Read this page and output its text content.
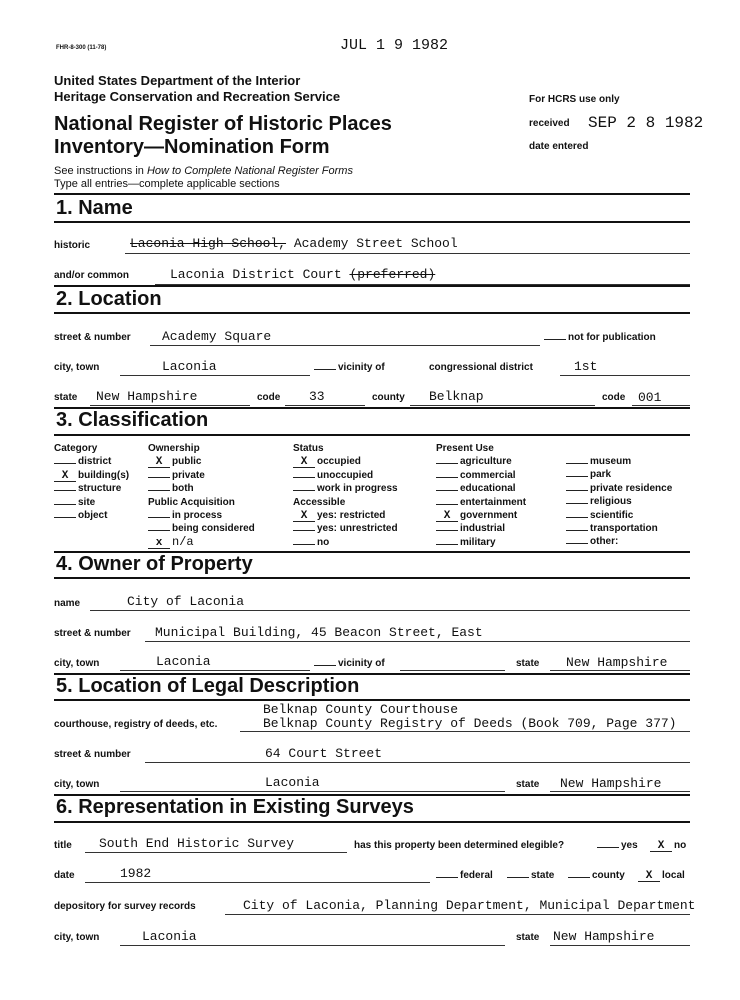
FHR-8-300 (11-78)	JUL 1 9 1982
United States Department of the Interior
Heritage Conservation and Recreation Service
National Register of Historic Places
Inventory—Nomination Form
See instructions in How to Complete National Register Forms
Type all entries—complete applicable sections
For HCRS use only
received SEP 2 8 1982
date entered
1. Name
historic	Laconia High School, Academy Street School
and/or common	Laconia District Court (preferred)
2. Location
street & number Academy Square	not for publication
city, town	Laconia	vicinity of	congressional district	1st
state New Hampshire	code 33	county Belknap	code 001
3. Classification
Category
district
X building(s)
structure
site
object
Ownership
X public
private
both
Public Acquisition
in process
being considered
x n/a
Status
X occupied
unoccupied
work in progress
Accessible
X yes: restricted
yes: unrestricted
no
Present Use
agriculture
commercial
educational
entertainment
X government
industrial
military
museum
park
private residence
religious
scientific
transportation
other:
4. Owner of Property
name	City of Laconia
street & number Municipal Building, 45 Beacon Street, East
city, town	Laconia	vicinity of	state New Hampshire
5. Location of Legal Description
Belknap County Courthouse
courthouse, registry of deeds, etc.	Belknap County Registry of Deeds (Book 709, Page 377)
street & number	64 Court Street
city, town	Laconia	state New Hampshire
6. Representation in Existing Surveys
title South End Historic Survey	has this property been determined elegible?	yes	X no
date	1982	federal	state	county	X local
depository for survey records	City of Laconia, Planning Department, Municipal Department
city, town	Laconia	state New Hampshire
